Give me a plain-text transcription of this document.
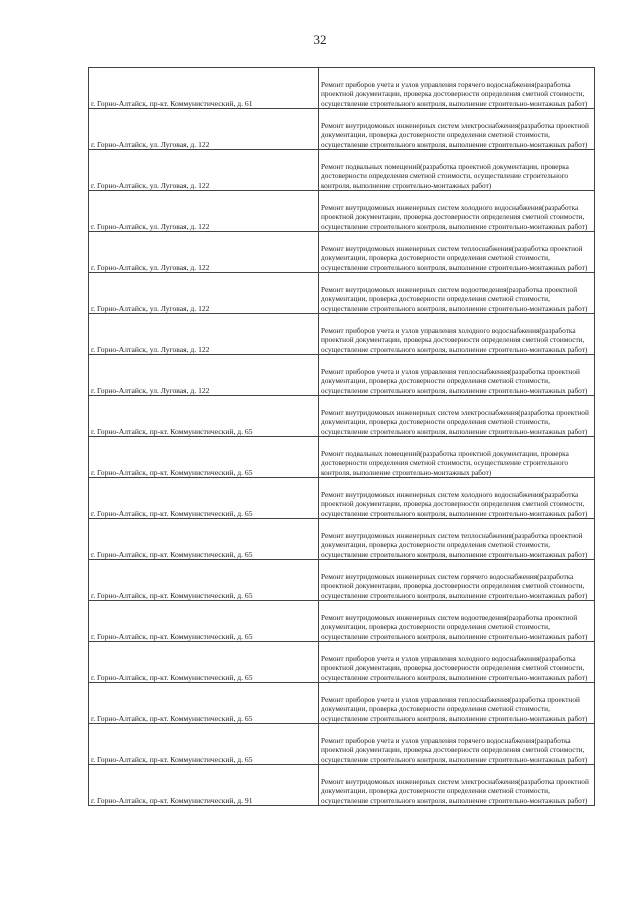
32
г. Горно-Алтайск, пр-кт. Коммунистический, д. 61	Ремонт приборов учета и узлов управления горячего водоснабжения(разработка проектной документации, проверка достоверности определения сметной стоимости, осуществление строительного контроля, выполнение строительно-монтажных работ)

г. Горно-Алтайск, ул. Луговая, д. 122	Ремонт внутридомовых инженерных систем электроснабжения(разработка проектной документации, проверка достоверности определения сметной стоимости, осуществление строительного контроля, выполнение строительно-монтажных работ)

г. Горно-Алтайск, ул. Луговая, д. 122	Ремонт подвальных помещений(разработка проектной документации, проверка достоверности определения сметной стоимости, осуществление строительного контроля, выполнение строительно-монтажных работ)

г. Горно-Алтайск, ул. Луговая, д. 122	Ремонт внутридомовых инженерных систем холодного водоснабжения(разработка проектной документации, проверка достоверности определения сметной стоимости, осуществление строительного контроля, выполнение строительно-монтажных работ)

г. Горно-Алтайск, ул. Луговая, д. 122	Ремонт внутридомовых инженерных систем теплоснабжения(разработка проектной документации, проверка достоверности определения сметной стоимости, осуществление строительного контроля, выполнение строительно-монтажных работ)

г. Горно-Алтайск, ул. Луговая, д. 122	Ремонт внутридомовых инженерных систем водоотведения(разработка проектной документации, проверка достоверности определения сметной стоимости, осуществление строительного контроля, выполнение строительно-монтажных работ)

г. Горно-Алтайск, ул. Луговая, д. 122	Ремонт приборов учета и узлов управления холодного водоснабжения(разработка проектной документации, проверка достоверности определения сметной стоимости, осуществление строительного контроля, выполнение строительно-монтажных работ)

г. Горно-Алтайск, ул. Луговая, д. 122	Ремонт приборов учета и узлов управления теплоснабжения(разработка проектной документации, проверка достоверности определения сметной стоимости, осуществление строительного контроля, выполнение строительно-монтажных работ)

г. Горно-Алтайск, пр-кт. Коммунистический, д. 65	Ремонт внутридомовых инженерных систем электроснабжения(разработка проектной документации, проверка достоверности определения сметной стоимости, осуществление строительного контроля, выполнение строительно-монтажных работ)

г. Горно-Алтайск, пр-кт. Коммунистический, д. 65	Ремонт подвальных помещений(разработка проектной документации, проверка достоверности определения сметной стоимости, осуществление строительного контроля, выполнение строительно-монтажных работ)

г. Горно-Алтайск, пр-кт. Коммунистический, д. 65	Ремонт внутридомовых инженерных систем холодного водоснабжения(разработка проектной документации, проверка достоверности определения сметной стоимости, осуществление строительного контроля, выполнение строительно-монтажных работ)

г. Горно-Алтайск, пр-кт. Коммунистический, д. 65	Ремонт внутридомовых инженерных систем теплоснабжения(разработка проектной документации, проверка достоверности определения сметной стоимости, осуществление строительного контроля, выполнение строительно-монтажных работ)

г. Горно-Алтайск, пр-кт. Коммунистический, д. 65	Ремонт внутридомовых инженерных систем горячего водоснабжения(разработка проектной документации, проверка достоверности определения сметной стоимости, осуществление строительного контроля, выполнение строительно-монтажных работ)

г. Горно-Алтайск, пр-кт. Коммунистический, д. 65	Ремонт внутридомовых инженерных систем водоотведения(разработка проектной документации, проверка достоверности определения сметной стоимости, осуществление строительного контроля, выполнение строительно-монтажных работ)

г. Горно-Алтайск, пр-кт. Коммунистический, д. 65	Ремонт приборов учета и узлов управления холодного водоснабжения(разработка проектной документации, проверка достоверности определения сметной стоимости, осуществление строительного контроля, выполнение строительно-монтажных работ)

г. Горно-Алтайск, пр-кт. Коммунистический, д. 65	Ремонт приборов учета и узлов управления теплоснабжения(разработка проектной документации, проверка достоверности определения сметной стоимости, осуществление строительного контроля, выполнение строительно-монтажных работ)

г. Горно-Алтайск, пр-кт. Коммунистический, д. 65	Ремонт приборов учета и узлов управления горячего водоснабжения(разработка проектной документации, проверка достоверности определения сметной стоимости, осуществление строительного контроля, выполнение строительно-монтажных работ)

г. Горно-Алтайск, пр-кт. Коммунистический, д. 91	Ремонт внутридомовых инженерных систем электроснабжения(разработка проектной документации, проверка достоверности определения сметной стоимости, осуществление строительного контроля, выполнение строительно-монтажных работ)
